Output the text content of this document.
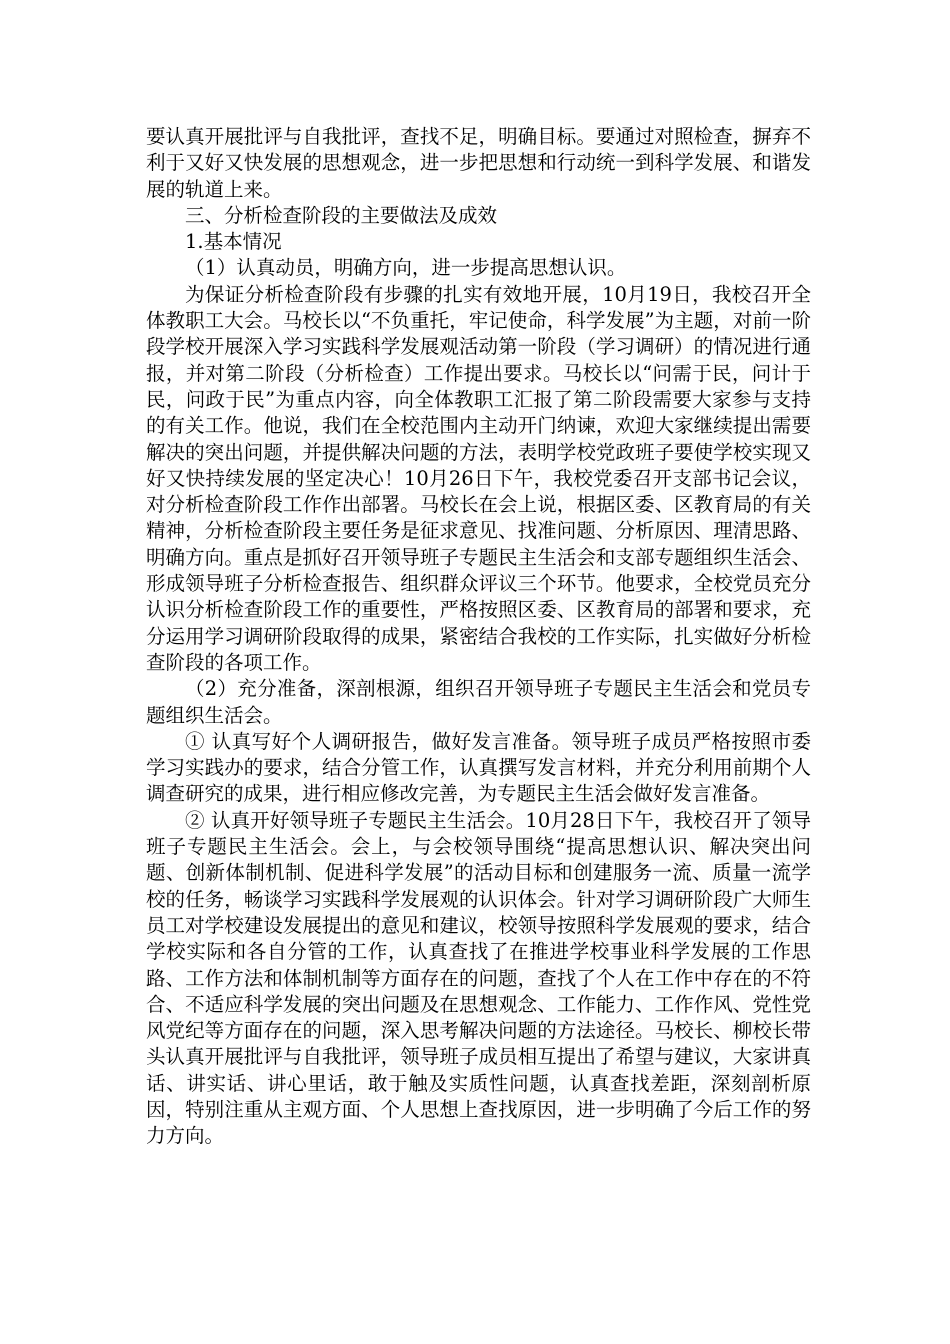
要认真开展批评与自我批评，查找不足，明确目标。要通过对照检查，摒弃不利于又好又快发展的思想观念，进一步把思想和行动统一到科学发展、和谐发展的轨道上来。

三、分析检查阶段的主要做法及成效

1.基本情况

（1）认真动员，明确方向，进一步提高思想认识。

为保证分析检查阶段有步骤的扎实有效地开展，10月19日，我校召开全体教职工大会。马校长以“不负重托，牢记使命，科学发展”为主题，对前一阶段学校开展深入学习实践科学发展观活动第一阶段（学习调研）的情况进行通报，并对第二阶段（分析检查）工作提出要求。马校长以“问需于民，问计于民，问政于民”为重点内容，向全体教职工汇报了第二阶段需要大家参与支持的有关工作。他说，我们在全校范围内主动开门纳谏，欢迎大家继续提出需要解决的突出问题，并提供解决问题的方法，表明学校党政班子要使学校实现又好又快持续发展的坚定决心！10月26日下午，我校党委召开支部书记会议，对分析检查阶段工作作出部署。马校长在会上说，根据区委、区教育局的有关精神，分析检查阶段主要任务是征求意见、找准问题、分析原因、理清思路、明确方向。重点是抓好召开领导班子专题民主生活会和支部专题组织生活会、形成领导班子分析检查报告、组织群众评议三个环节。他要求，全校党员充分认识分析检查阶段工作的重要性，严格按照区委、区教育局的部署和要求，充分运用学习调研阶段取得的成果，紧密结合我校的工作实际，扎实做好分析检查阶段的各项工作。

（2）充分准备，深剖根源，组织召开领导班子专题民主生活会和党员专题组织生活会。

① 认真写好个人调研报告，做好发言准备。领导班子成员严格按照市委学习实践办的要求，结合分管工作，认真撰写发言材料，并充分利用前期个人调查研究的成果，进行相应修改完善，为专题民主生活会做好发言准备。

② 认真开好领导班子专题民主生活会。10月28日下午，我校召开了领导班子专题民主生活会。会上，与会校领导围绕“提高思想认识、解决突出问题、创新体制机制、促进科学发展”的活动目标和创建服务一流、质量一流学校的任务，畅谈学习实践科学发展观的认识体会。针对学习调研阶段广大师生员工对学校建设发展提出的意见和建议，校领导按照科学发展观的要求，结合学校实际和各自分管的工作，认真查找了在推进学校事业科学发展的工作思路、工作方法和体制机制等方面存在的问题，查找了个人在工作中存在的不符合、不适应科学发展的突出问题及在思想观念、工作能力、工作作风、党性党风党纪等方面存在的问题，深入思考解决问题的方法途径。马校长、柳校长带头认真开展批评与自我批评，领导班子成员相互提出了希望与建议，大家讲真话、讲实话、讲心里话，敢于触及实质性问题，认真查找差距，深刻剖析原因，特别注重从主观方面、个人思想上查找原因，进一步明确了今后工作的努力方向。
